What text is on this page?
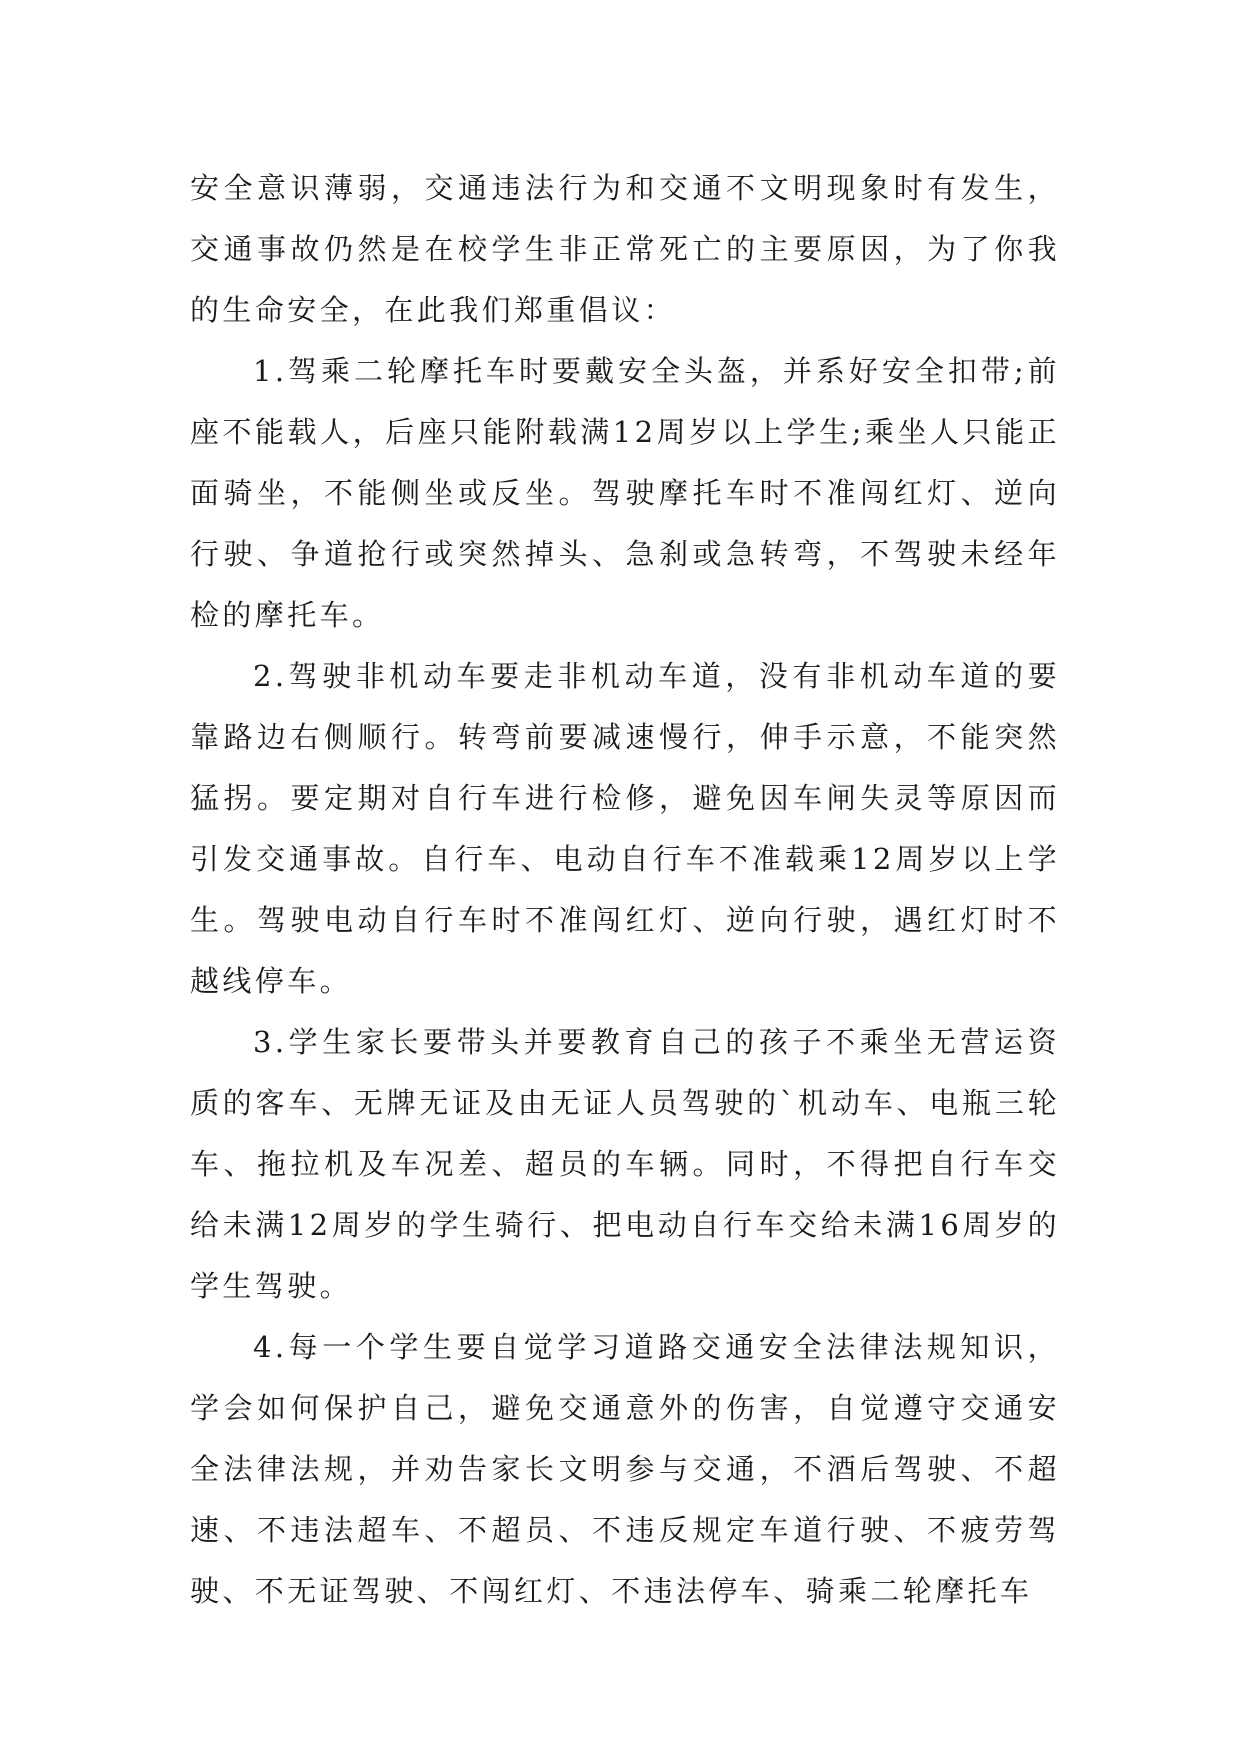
安全意识薄弱，交通违法行为和交通不文明现象时有发生，交通事故仍然是在校学生非正常死亡的主要原因，为了你我的生命安全，在此我们郑重倡议：

1.驾乘二轮摩托车时要戴安全头盔，并系好安全扣带;前座不能载人，后座只能附载满12周岁以上学生;乘坐人只能正面骑坐，不能侧坐或反坐。驾驶摩托车时不准闯红灯、逆向行驶、争道抢行或突然掉头、急刹或急转弯，不驾驶未经年检的摩托车。

2.驾驶非机动车要走非机动车道，没有非机动车道的要靠路边右侧顺行。转弯前要减速慢行，伸手示意，不能突然猛拐。要定期对自行车进行检修，避免因车闸失灵等原因而引发交通事故。自行车、电动自行车不准载乘12周岁以上学生。驾驶电动自行车时不准闯红灯、逆向行驶，遇红灯时不越线停车。

3.学生家长要带头并要教育自己的孩子不乘坐无营运资质的客车、无牌无证及由无证人员驾驶的`机动车、电瓶三轮车、拖拉机及车况差、超员的车辆。同时，不得把自行车交给未满12周岁的学生骑行、把电动自行车交给未满16周岁的学生驾驶。

4.每一个学生要自觉学习道路交通安全法律法规知识，学会如何保护自己，避免交通意外的伤害，自觉遵守交通安全法律法规，并劝告家长文明参与交通，不酒后驾驶、不超速、不违法超车、不超员、不违反规定车道行驶、不疲劳驾驶、不无证驾驶、不闯红灯、不违法停车、骑乘二轮摩托车
